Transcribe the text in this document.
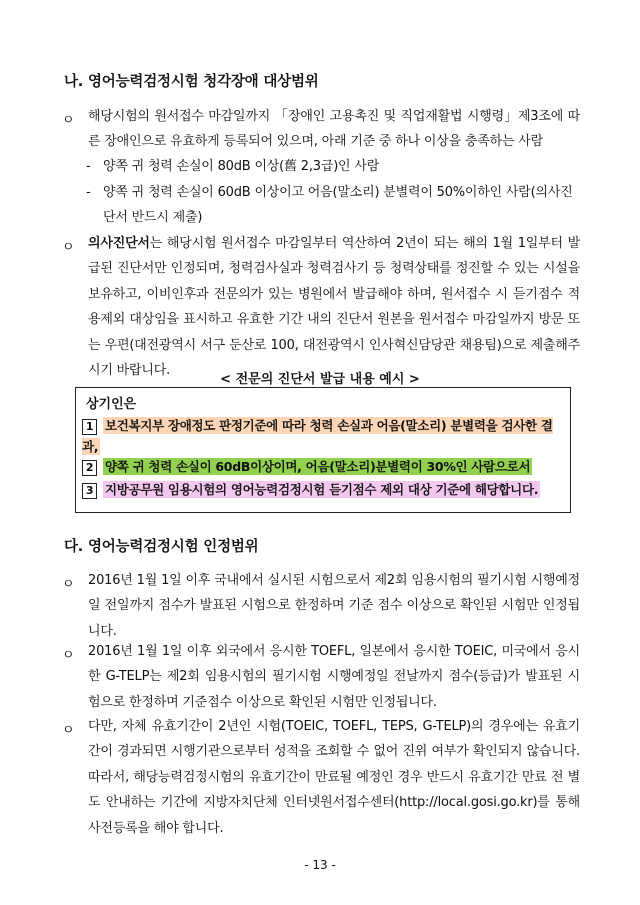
나. 영어능력검정시험 청각장애 대상범위
ㅇ 해당시험의 원서접수 마감일까지 「장애인 고용촉진 및 직업재활법 시행령」제3조에 따른 장애인으로 유효하게 등록되어 있으며, 아래 기준 중 하나 이상을 충족하는 사람
- 양쪽 귀 청력 손실이 80dB 이상(舊 2,3급)인 사람
- 양쪽 귀 청력 손실이 60dB 이상이고 어음(말소리) 분별력이 50%이하인 사람(의사진단서 반드시 제출)
ㅇ 의사진단서는 해당시험 원서접수 마감일부터 역산하여 2년이 되는 해의 1월 1일부터 발급된 진단서만 인정되며, 청력검사실과 청력검사기 등 청력상태를 정진할 수 있는 시설을 보유하고, 이비인후과 전문의가 있는 병원에서 발급해야 하며, 원서접수 시 듣기점수 적용제외 대상임을 표시하고 유효한 기간 내의 진단서 원본을 원서접수 마감일까지 방문 또는 우편(대전광역시 서구 둔산로 100, 대전광역시 인사혁신담당관 채용팀)으로 제출해주시기 바랍니다.
< 전문의 진단서 발급 내용 예시 >
상기인은
1 보건복지부 장애정도 판정기준에 따라 청력 손실과 어음(말소리) 분별력을 검사한 결과,
2 양쪽 귀 청력 손실이 60dB이상이며, 어음(말소리)분별력이 30%인 사람으로서
3 지방공무원 임용시험의 영어능력검정시험 듣기점수 제외 대상 기준에 해당합니다.
다. 영어능력검정시험 인정범위
ㅇ 2016년 1월 1일 이후 국내에서 실시된 시험으로서 제2회 임용시험의 필기시험 시행예정일 전일까지 점수가 발표된 시험으로 한정하며 기준 점수 이상으로 확인된 시험만 인정됩니다.
ㅇ 2016년 1월 1일 이후 외국에서 응시한 TOEFL, 일본에서 응시한 TOEIC, 미국에서 응시한 G-TELP는 제2회 임용시험의 필기시험 시행예정일 전날까지 점수(등급)가 발표된 시험으로 한정하며 기준점수 이상으로 확인된 시험만 인정됩니다.
ㅇ 다만, 자체 유효기간이 2년인 시험(TOEIC, TOEFL, TEPS, G-TELP)의 경우에는 유효기간이 경과되면 시행기관으로부터 성적을 조회할 수 없어 진위 여부가 확인되지 않습니다. 따라서, 해당능력검정시험의 유효기간이 만료될 예정인 경우 반드시 유효기간 만료 전 별도 안내하는 기간에 지방자치단체 인터넷원서접수센터(http://local.gosi.go.kr)를 통해 사전등록을 해야 합니다.
- 13 -
